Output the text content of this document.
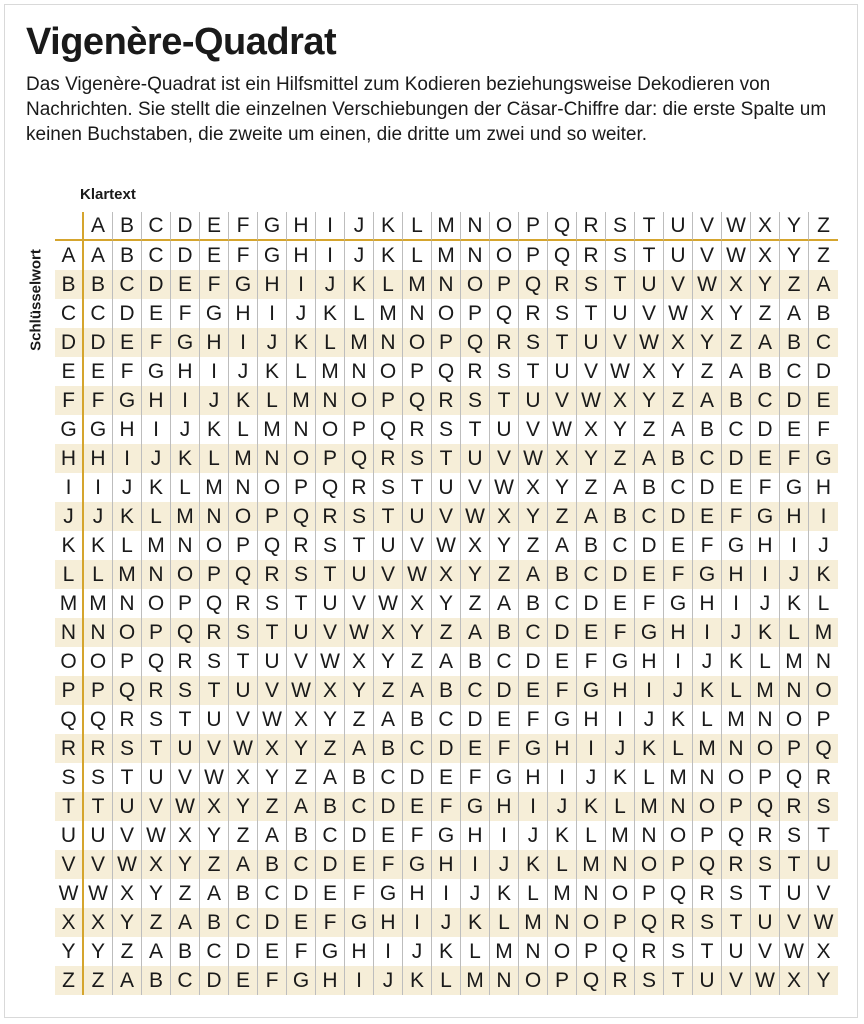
Vigenère-Quadrat

Das Vigenère-Quadrat ist ein Hilfsmittel zum Kodieren beziehungsweise Dekodieren von Nachrichten. Sie stellt die einzelnen Verschiebungen der Cäsar-Chiffre dar: die erste Spalte um keinen Buchstaben, die zweite um einen, die dritte um zwei und so weiter.

Klartext
Schlüsselwort
A B C D E F G H I J K L M N O P Q R S T U V W X Y Z
A A B C D E F G H I J K L M N O P Q R S T U V W X Y Z
B B C D E F G H I J K L M N O P Q R S T U V W X Y Z A
C C D E F G H I J K L M N O P Q R S T U V W X Y Z A B
D D E F G H I J K L M N O P Q R S T U V W X Y Z A B C
E E F G H I J K L M N O P Q R S T U V W X Y Z A B C D
F F G H I J K L M N O P Q R S T U V W X Y Z A B C D E
G G H I J K L M N O P Q R S T U V W X Y Z A B C D E F
H H I J K L M N O P Q R S T U V W X Y Z A B C D E F G
I	I J K L M N O P Q R S T U V W X Y Z A B C D E F G H
J J K L M N O P Q R S T U V W X Y Z A B C D E F G H I
K K L M N O P Q R S T U V W X Y Z A B C D E F G H I	J
L L M N O P Q R S T U V W X Y Z A B C D E F G H I J K
M M N O P Q R S T U V W X Y Z A B C D E F G H I J K L
N N O P Q R S T U V W X Y Z A B C D E F G H I J K L M
O O P Q R S T U V W X Y Z A B C D E F G H I J K L M N
P P Q R S T U V W X Y Z A B C D E F G H I J K L M N O
Q Q R S T U V W X Y Z A B C D E F G H I J K L M N O P
R R S T U V W X Y Z A B C D E F G H I J K L M N O P Q
S S T U V W X Y Z A B C D E F G H I J K L M N O P Q R
T T U V W X Y Z A B C D E F G H I J K L M N O P Q R S
U U V W X Y Z A B C D E F G H I J K L M N O P Q R S T
V V W X Y Z A B C D E F G H I J K L M N O P Q R S T U
W W X Y Z A B C D E F G H I J K L M N O P Q R S T U V
X X Y Z A B C D E F G H I J K L M N O P Q R S T U V W
Y Y Z A B C D E F G H I J K L M N O P Q R S T U V W X
Z Z A B C D E F G H I J K L M N O P Q R S T U V W X Y
